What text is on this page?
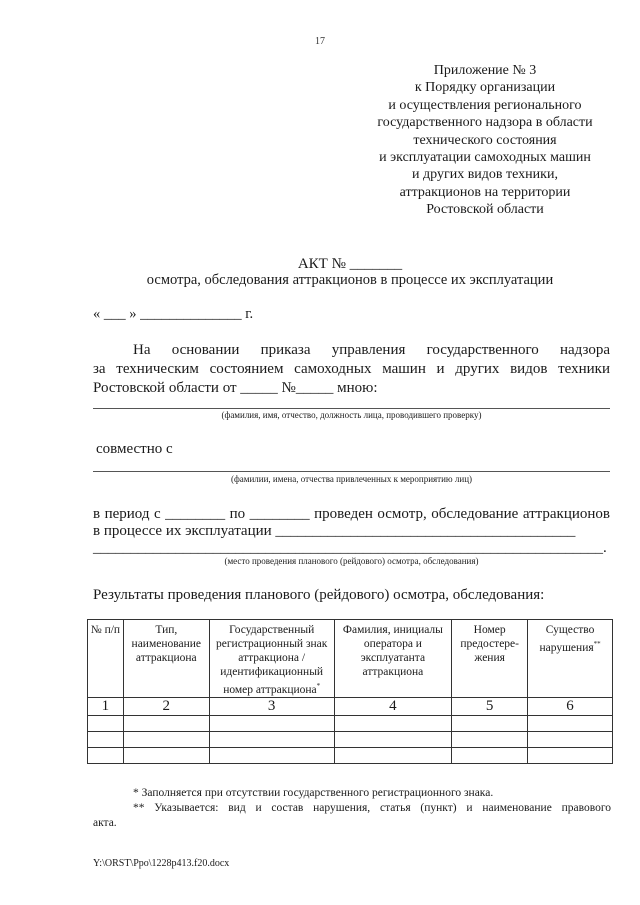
17
Приложение № 3
к Порядку организации
и осуществления регионального
государственного надзора в области
технического состояния
и эксплуатации самоходных машин
и других видов техники,
аттракционов на территории
Ростовской области
АКТ № _______
осмотра, обследования аттракционов в процессе их эксплуатации
« ___ » ______________ г.
На основании приказа управления государственного надзора
за техническим состоянием самоходных машин и других видов техники
Ростовской области от _____ №_____ мною:
(фамилия, имя, отчество, должность лица, проводившего проверку)
совместно с
(фамилии, имена, отчества привлеченных к мероприятию лиц)
в период с ________ по ________ проведен осмотр, обследование аттракционов
в процессе их эксплуатации ________________________________________
____________________________________________________________________.
(место проведения планового (рейдового) осмотра, обследования)
Результаты проведения планового (рейдового) осмотра, обследования:
№ п/п	Тип, наименование аттракциона	Государственный регистрационный знак аттракциона / идентификационный номер аттракциона*	Фамилия, инициалы оператора и эксплуатанта аттракциона	Номер предостере-жения	Существо нарушения**
1	2	3	4	5	6

* Заполняется при отсутствии государственного регистрационного знака.
** Указывается: вид и состав нарушения, статья (пункт) и наименование правового
акта.
Y:\ORST\Ppo\1228p413.f20.docx
